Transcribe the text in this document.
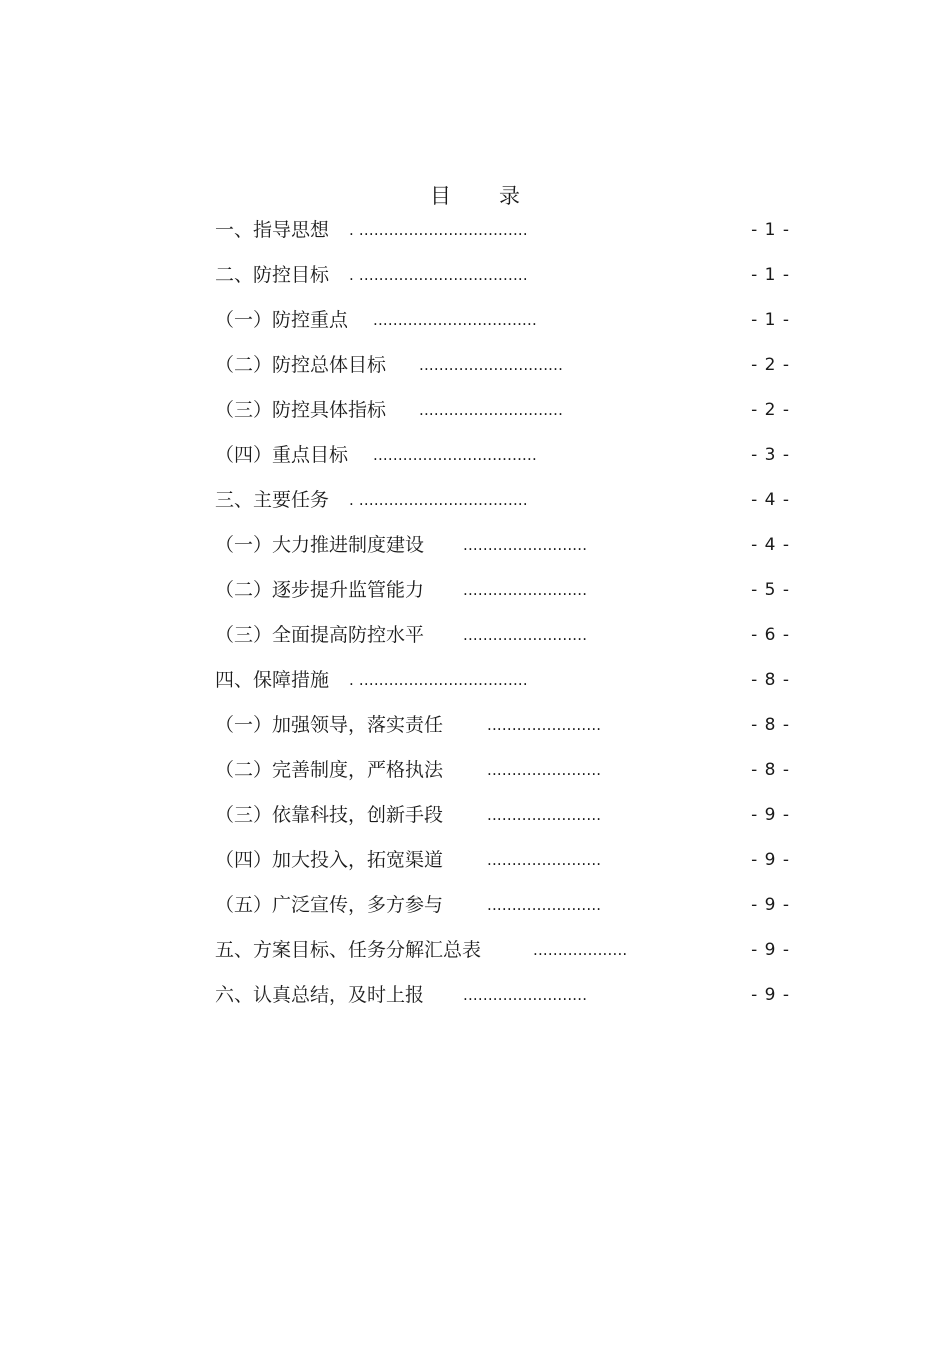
目 录
一、指导思想 . ..................................	- 1 -
二、防控目标 . ..................................	- 1 -
（一）防控重点 .................................	- 1 -
（二）防控总体目标 .............................	- 2 -
（三）防控具体指标 .............................	- 2 -
（四）重点目标 .................................	- 3 -
三、主要任务 . ..................................	- 4 -
（一）大力推进制度建设	.........................	- 4 -
（二）逐步提升监管能力	.........................	- 5 -
（三）全面提高防控水平	.........................	- 6 -
四、保障措施 . ..................................	- 8 -
（一）加强领导，落实责任	.......................	- 8 -
（二）完善制度，严格执法	.......................	- 8 -
（三）依靠科技，创新手段	.......................	- 9 -
（四）加大投入，拓宽渠道	.......................	- 9 -
（五）广泛宣传，多方参与	.......................	- 9 -
五、方案目标、任务分解汇总表	...................	- 9 -
六、认真总结，及时上报	.........................	- 9 -
